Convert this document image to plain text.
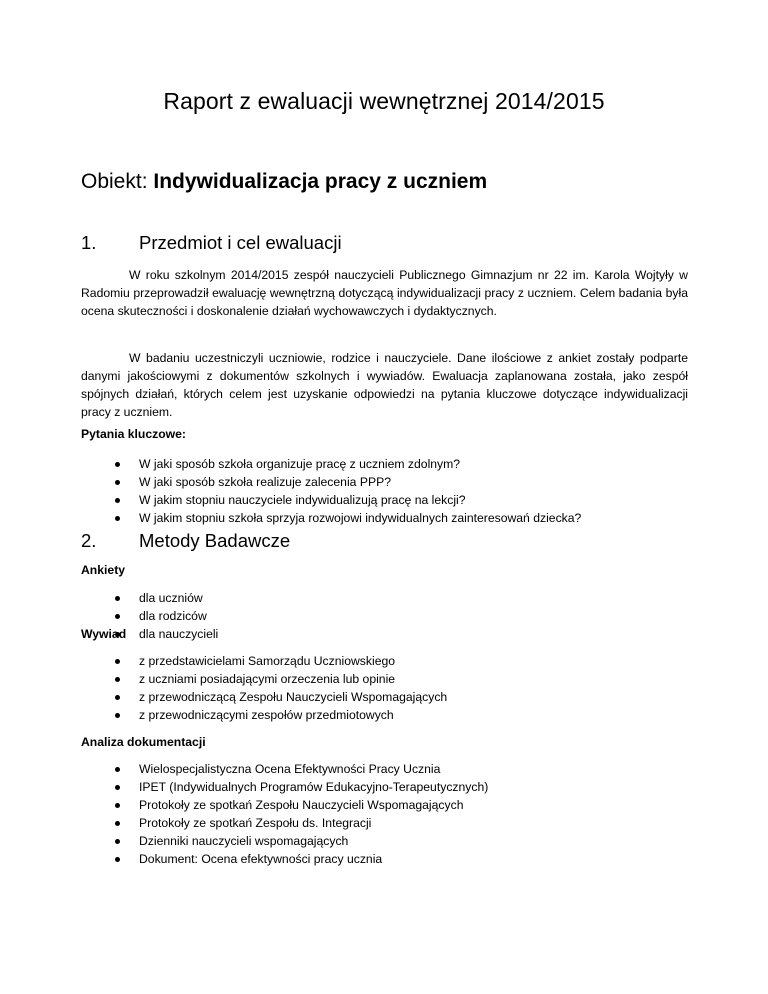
Raport z ewaluacji wewnętrznej 2014/2015
Obiekt: Indywidualizacja pracy z uczniem
1. Przedmiot i cel ewaluacji
W roku szkolnym 2014/2015 zespół nauczycieli Publicznego Gimnazjum nr 22 im. Karola Wojtyły w Radomiu przeprowadził ewaluację wewnętrzną dotyczącą indywidualizacji pracy z uczniem. Celem badania była ocena skuteczności i doskonalenie działań wychowawczych i dydaktycznych.
W badaniu uczestniczyli uczniowie, rodzice i nauczyciele. Dane ilościowe z ankiet zostały podparte danymi jakościowymi z dokumentów szkolnych i wywiadów. Ewaluacja zaplanowana została, jako zespół spójnych działań, których celem jest uzyskanie odpowiedzi na pytania kluczowe dotyczące indywidualizacji pracy z uczniem.
Pytania kluczowe:
W jaki sposób szkoła organizuje pracę z uczniem zdolnym?
W jaki sposób szkoła realizuje zalecenia PPP?
W jakim stopniu nauczyciele indywidualizują pracę na lekcji?
W jakim stopniu szkoła sprzyja rozwojowi indywidualnych zainteresowań dziecka?
2. Metody Badawcze
Ankiety
dla uczniów
dla rodziców
dla nauczycieli
Wywiad
z przedstawicielami Samorządu Uczniowskiego
z uczniami posiadającymi orzeczenia lub opinie
z przewodniczącą Zespołu Nauczycieli Wspomagających
z przewodniczącymi zespołów przedmiotowych
Analiza dokumentacji
Wielospecjalistyczna Ocena Efektywności Pracy Ucznia
IPET (Indywidualnych Programów Edukacyjno-Terapeutycznych)
Protokoły ze spotkań Zespołu Nauczycieli Wspomagających
Protokoły ze spotkań Zespołu ds. Integracji
Dzienniki nauczycieli wspomagających
Dokument: Ocena efektywności pracy ucznia
